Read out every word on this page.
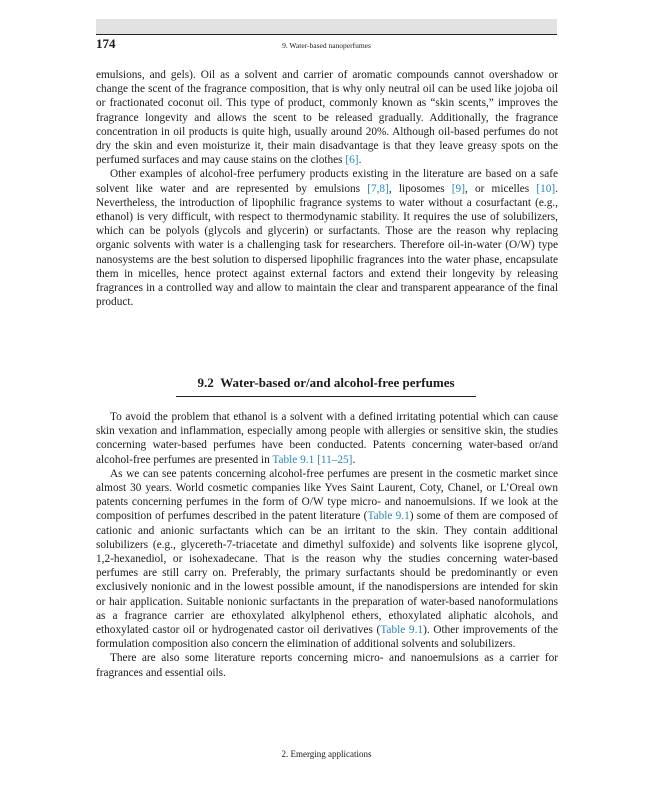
174	9. Water-based nanoperfumes

emulsions, and gels). Oil as a solvent and carrier of aromatic compounds cannot overshadow or change the scent of the fragrance composition, that is why only neutral oil can be used like jojoba oil or fractionated coconut oil. This type of product, commonly known as “skin scents,” improves the fragrance longevity and allows the scent to be released gradually. Additionally, the fragrance concentration in oil products is quite high, usually around 20%. Although oil-based perfumes do not dry the skin and even moisturize it, their main disadvantage is that they leave greasy spots on the perfumed surfaces and may cause stains on the clothes [6].

Other examples of alcohol-free perfumery products existing in the literature are based on a safe solvent like water and are represented by emulsions [7,8], liposomes [9], or micelles [10]. Nevertheless, the introduction of lipophilic fragrance systems to water without a cosurfactant (e.g., ethanol) is very difficult, with respect to thermodynamic stability. It requires the use of solubilizers, which can be polyols (glycols and glycerin) or surfactants. Those are the reason why replacing organic solvents with water is a challenging task for researchers. Therefore oil-in-water (O/W) type nanosystems are the best solution to dispersed lipophilic fragrances into the water phase, encapsulate them in micelles, hence protect against external factors and extend their longevity by releasing fragrances in a controlled way and allow to maintain the clear and transparent appearance of the final product.

9.2 Water-based or/and alcohol-free perfumes

To avoid the problem that ethanol is a solvent with a defined irritating potential which can cause skin vexation and inflammation, especially among people with allergies or sensitive skin, the studies concerning water-based perfumes have been conducted. Patents concerning water-based or/and alcohol-free perfumes are presented in Table 9.1 [11–25].

As we can see patents concerning alcohol-free perfumes are present in the cosmetic market since almost 30 years. World cosmetic companies like Yves Saint Laurent, Coty, Chanel, or L’Oreal own patents concerning perfumes in the form of O/W type micro- and nanoemulsions. If we look at the composition of perfumes described in the patent literature (Table 9.1) some of them are composed of cationic and anionic surfactants which can be an irritant to the skin. They contain additional solubilizers (e.g., glycereth-7-triacetate and dimethyl sulfoxide) and solvents like isoprene glycol, 1,2-hexanediol, or isohexadecane. That is the reason why the studies concerning water-based perfumes are still carry on. Preferably, the primary surfactants should be predominantly or even exclusively nonionic and in the lowest possible amount, if the nanodispersions are intended for skin or hair application. Suitable nonionic surfactants in the preparation of water-based nanoformulations as a fragrance carrier are ethoxylated alkylphenol ethers, ethoxylated aliphatic alcohols, and ethoxylated castor oil or hydrogenated castor oil derivatives (Table 9.1). Other improvements of the formulation composition also concern the elimination of additional solvents and solubilizers.

There are also some literature reports concerning micro- and nanoemulsions as a carrier for fragrances and essential oils.

2. Emerging applications
